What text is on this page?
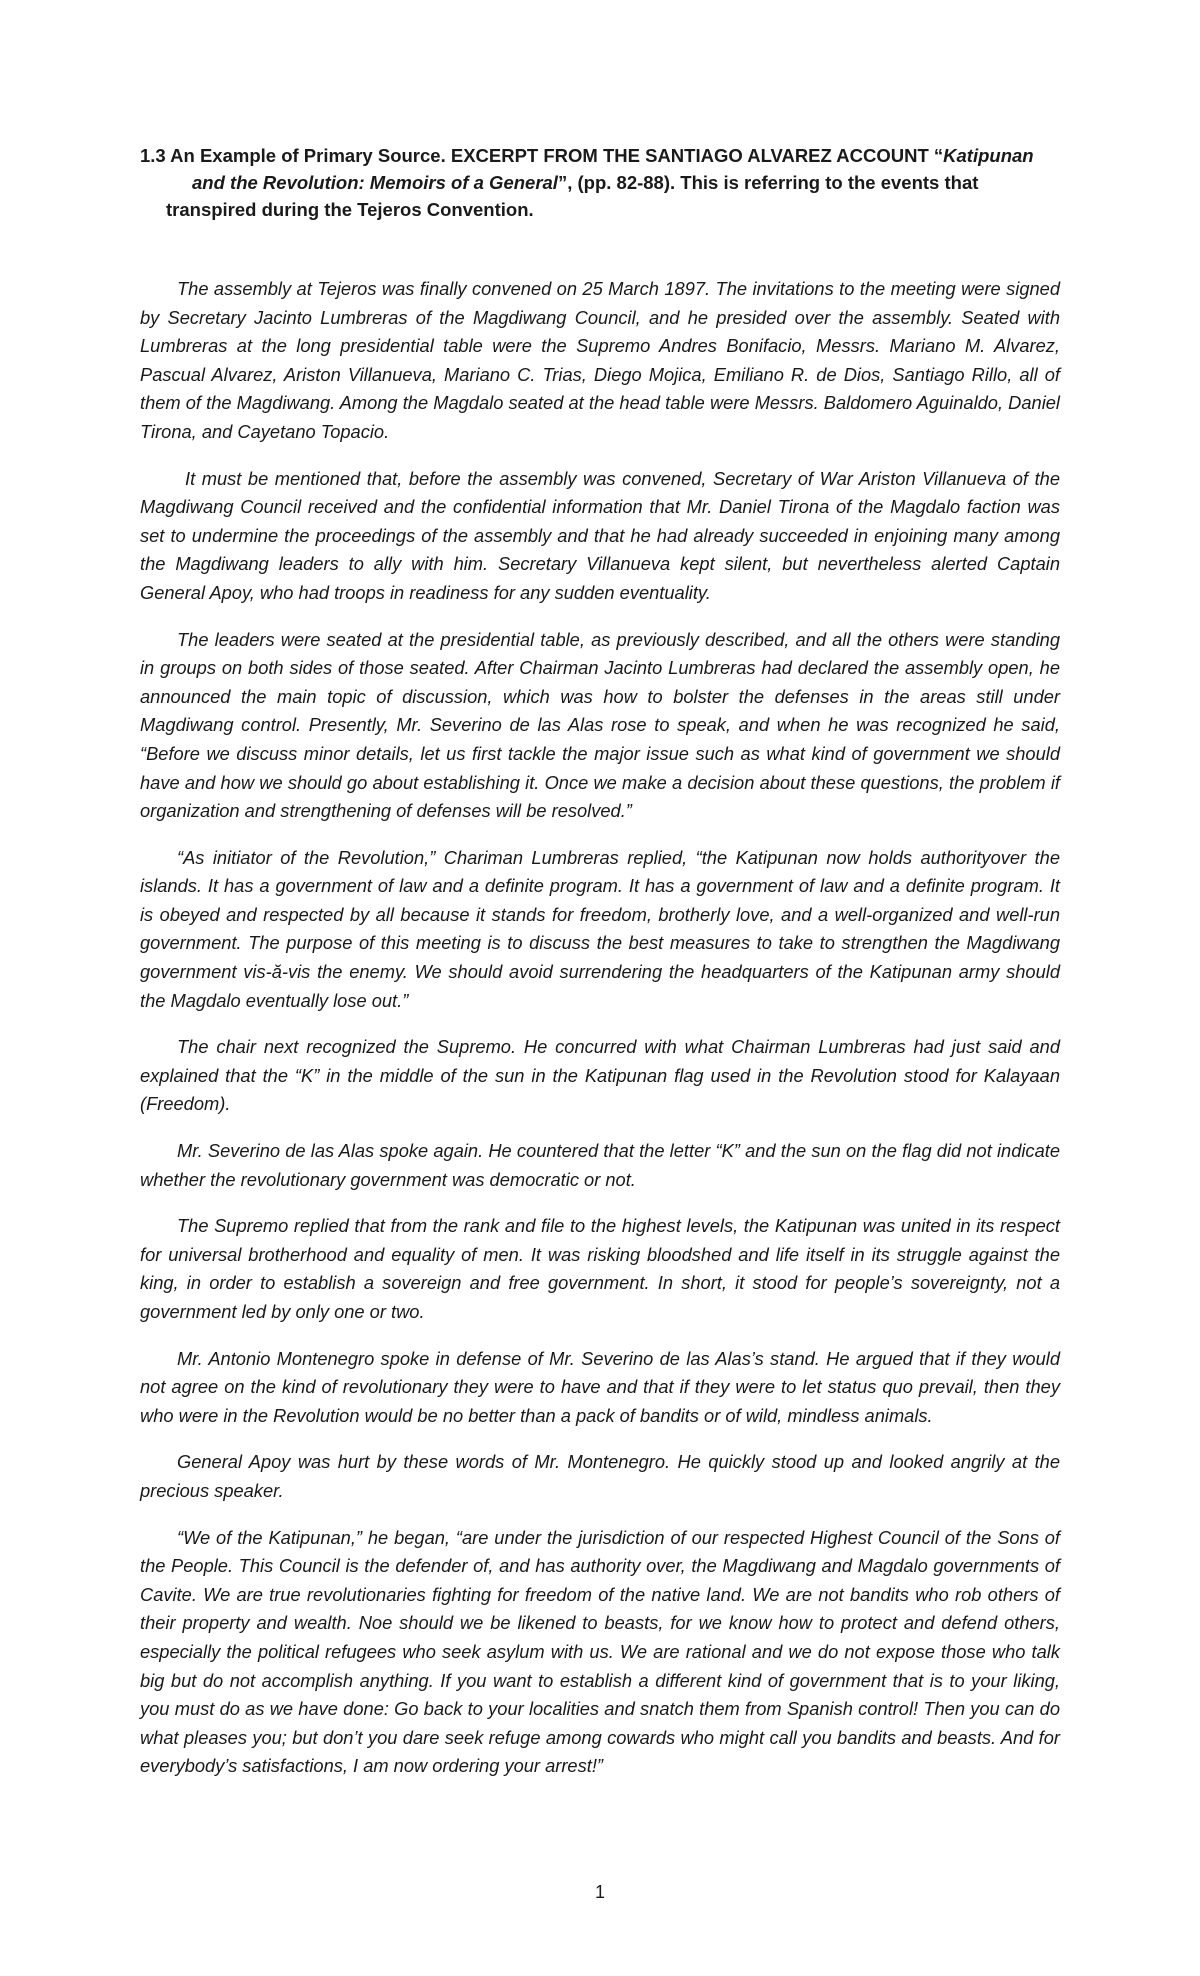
1.3 An Example of Primary Source. EXCERPT FROM THE SANTIAGO ALVAREZ ACCOUNT “Katipunan
and the Revolution: Memoirs of a General”, (pp. 82-88). This is referring to the events that
transpired during the Tejeros Convention.

The assembly at Tejeros was finally convened on 25 March 1897. The invitations to the meeting were signed by Secretary Jacinto Lumbreras of the Magdiwang Council, and he presided over the assembly. Seated with Lumbreras at the long presidential table were the Supremo Andres Bonifacio, Messrs. Mariano M. Alvarez, Pascual Alvarez, Ariston Villanueva, Mariano C. Trias, Diego Mojica, Emiliano R. de Dios, Santiago Rillo, all of them of the Magdiwang. Among the Magdalo seated at the head table were Messrs. Baldomero Aguinaldo, Daniel Tirona, and Cayetano Topacio.

It must be mentioned that, before the assembly was convened, Secretary of War Ariston Villanueva of the Magdiwang Council received and the confidential information that Mr. Daniel Tirona of the Magdalo faction was set to undermine the proceedings of the assembly and that he had already succeeded in enjoining many among the Magdiwang leaders to ally with him. Secretary Villanueva kept silent, but nevertheless alerted Captain General Apoy, who had troops in readiness for any sudden eventuality.

The leaders were seated at the presidential table, as previously described, and all the others were standing in groups on both sides of those seated. After Chairman Jacinto Lumbreras had declared the assembly open, he announced the main topic of discussion, which was how to bolster the defenses in the areas still under Magdiwang control. Presently, Mr. Severino de las Alas rose to speak, and when he was recognized he said, “Before we discuss minor details, let us first tackle the major issue such as what kind of government we should have and how we should go about establishing it. Once we make a decision about these questions, the problem if organization and strengthening of defenses will be resolved.”

“As initiator of the Revolution,” Chariman Lumbreras replied, “the Katipunan now holds authorityover the islands. It has a government of law and a definite program. It has a government of law and a definite program. It is obeyed and respected by all because it stands for freedom, brotherly love, and a well-organized and well-run government. The purpose of this meeting is to discuss the best measures to take to strengthen the Magdiwang government vis-ă-vis the enemy. We should avoid surrendering the headquarters of the Katipunan army should the Magdalo eventually lose out.”

The chair next recognized the Supremo. He concurred with what Chairman Lumbreras had just said and explained that the “K” in the middle of the sun in the Katipunan flag used in the Revolution stood for Kalayaan (Freedom).

Mr. Severino de las Alas spoke again. He countered that the letter “K” and the sun on the flag did not indicate whether the revolutionary government was democratic or not.

The Supremo replied that from the rank and file to the highest levels, the Katipunan was united in its respect for universal brotherhood and equality of men. It was risking bloodshed and life itself in its struggle against the king, in order to establish a sovereign and free government. In short, it stood for people’s sovereignty, not a government led by only one or two.

Mr. Antonio Montenegro spoke in defense of Mr. Severino de las Alas’s stand. He argued that if they would not agree on the kind of revolutionary they were to have and that if they were to let status quo prevail, then they who were in the Revolution would be no better than a pack of bandits or of wild, mindless animals.

General Apoy was hurt by these words of Mr. Montenegro. He quickly stood up and looked angrily at the precious speaker.

“We of the Katipunan,” he began, “are under the jurisdiction of our respected Highest Council of the Sons of the People. This Council is the defender of, and has authority over, the Magdiwang and Magdalo governments of Cavite. We are true revolutionaries fighting for freedom of the native land. We are not bandits who rob others of their property and wealth. Noe should we be likened to beasts, for we know how to protect and defend others, especially the political refugees who seek asylum with us. We are rational and we do not expose those who talk big but do not accomplish anything. If you want to establish a different kind of government that is to your liking, you must do as we have done: Go back to your localities and snatch them from Spanish control! Then you can do what pleases you; but don’t you dare seek refuge among cowards who might call you bandits and beasts. And for everybody’s satisfactions, I am now ordering your arrest!”

1
